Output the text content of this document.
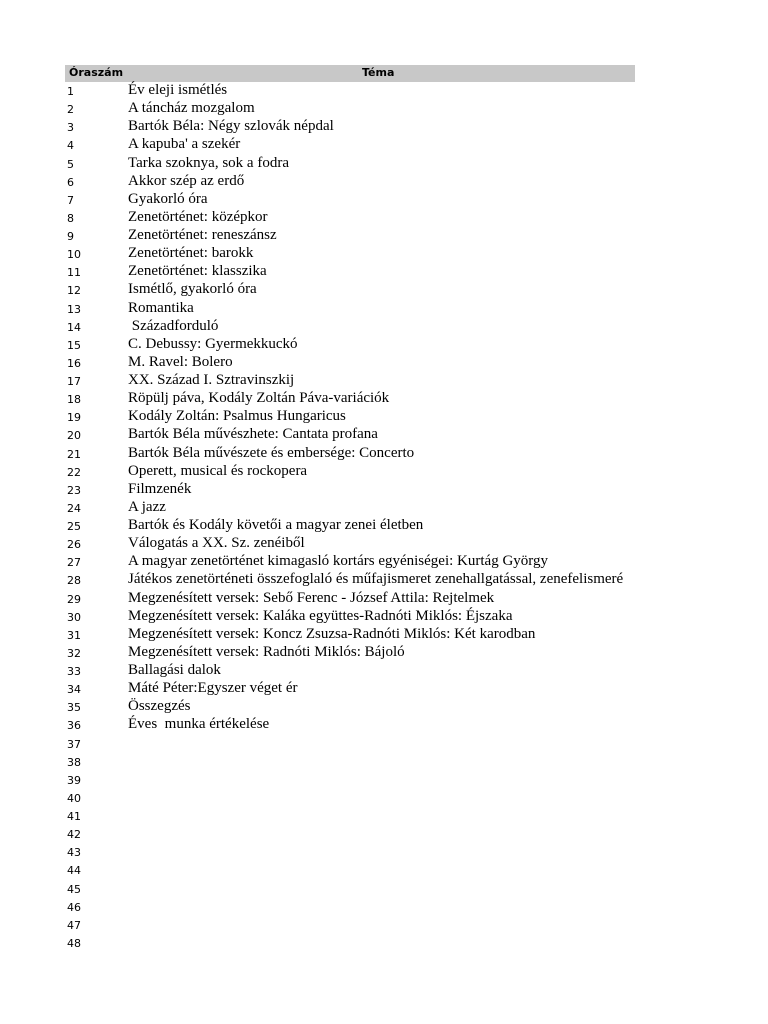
Óraszám	Téma
1	Év eleji ismétlés
2	A táncház mozgalom
3	Bartók Béla: Négy szlovák népdal
4	A kapuba' a szekér
5	Tarka szoknya, sok a fodra
6	Akkor szép az erdő
7	Gyakorló óra
8	Zenetörténet: középkor
9	Zenetörténet: reneszánsz
10	Zenetörténet: barokk
11	Zenetörténet: klasszika
12	Ismétlő, gyakorló óra
13	Romantika
14	Századforduló
15	C. Debussy: Gyermekkuckó
16	M. Ravel: Bolero
17	XX. Század I. Sztravinszkij
18	Röpülj páva, Kodály Zoltán Páva-variációk
19	Kodály Zoltán: Psalmus Hungaricus
20	Bartók Béla művészhete: Cantata profana
21	Bartók Béla művészete és embersége: Concerto
22	Operett, musical és rockopera
23	Filmzenék
24	A jazz
25	Bartók és Kodály követői a magyar zenei életben
26	Válogatás a XX. Sz. zenéiből
27	A magyar zenetörténet kimagasló kortárs egyéniségei: Kurtág György
28	Játékos zenetörténeti összefoglaló és műfajismeret zenehallgatással, zenefelismeré
29	Megzenésített versek: Sebő Ferenc - József Attila: Rejtelmek
30	Megzenésített versek: Kaláka együttes-Radnóti Miklós: Éjszaka
31	Megzenésített versek: Koncz Zsuzsa-Radnóti Miklós: Két karodban
32	Megzenésített versek: Radnóti Miklós: Bájoló
33	Ballagási dalok
34	Máté Péter:Egyszer véget ér
35	Összegzés
36	Éves  munka értékelése
37
38
39
40
41
42
43
44
45
46
47
48
